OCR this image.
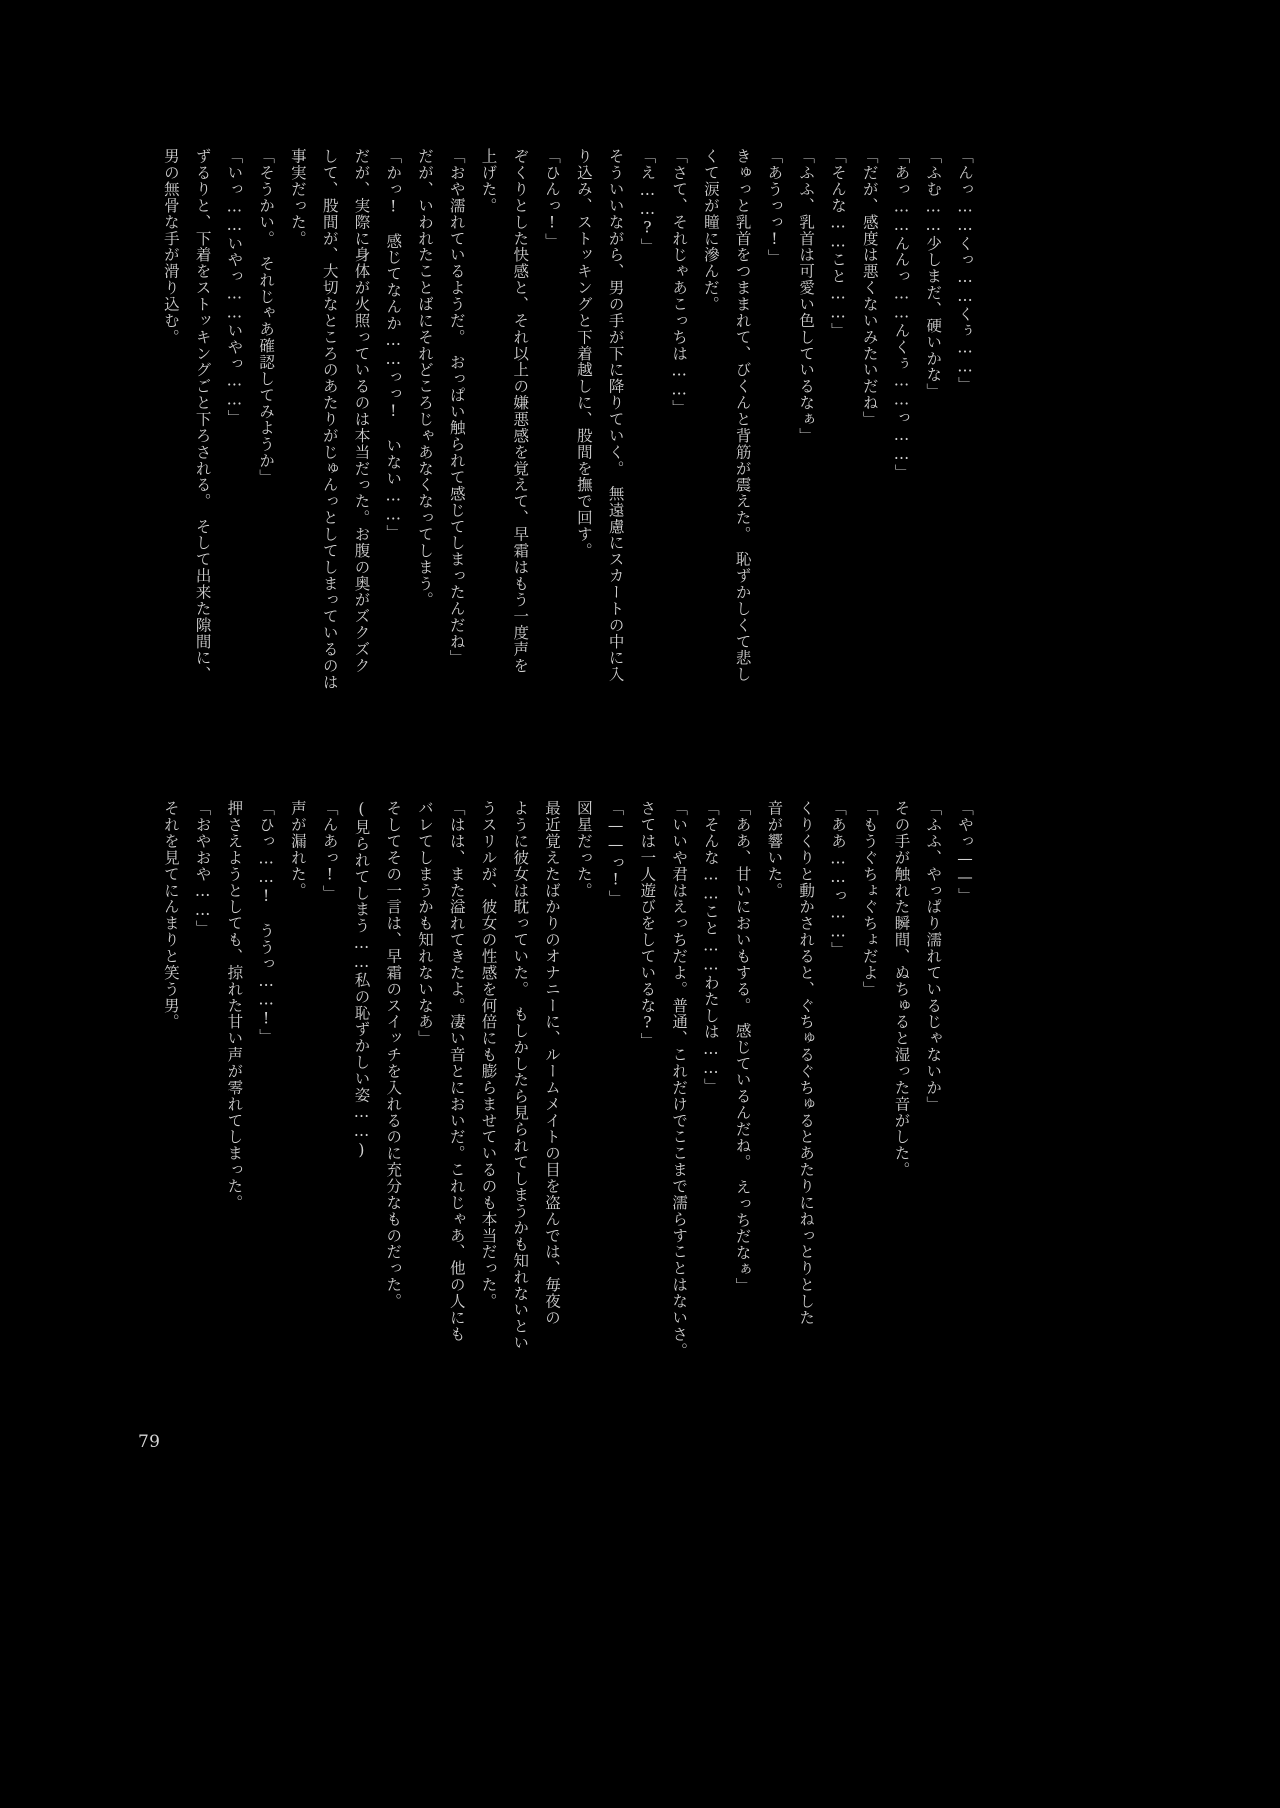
「んっ……くっ……くぅ……」
「ふむ……少しまだ、硬いかな」
「あっ……んんっ……んくぅ……っ……」
「だが、感度は悪くないみたいだね」
「そんな……こと……」
「ふふ、乳首は可愛い色しているなぁ」
「あうっっ!」
きゅっと乳首をつままれて、びくんと背筋が震えた。　恥ずかしくて悲し
くて涙が瞳に滲んだ。
「さて、それじゃあこっちは……」
「え……?」
そういいながら、男の手が下に降りていく。　無遠慮にスカートの中に入
り込み、ストッキングと下着越しに、股間を撫で回す。
「ひんっ!」
ぞくりとした快感と、それ以上の嫌悪感を覚えて、早霜はもう一度声を
上げた。
「おや濡れているようだ。　おっぱい触られて感じてしまったんだね」
だが、いわれたことばにそれどころじゃあなくなってしまう。
「かっ!　感じてなんか……っっ!　いない……」
だが、実際に身体が火照っているのは本当だった。お腹の奥がズクズク
して、股間が、大切なところのあたりがじゅんっとしてしまっているのは
事実だった。
「そうかい。　それじゃあ確認してみようか」
「いっ……いやっ……いやっ……」
ずるりと、下着をストッキングごと下ろされる。　そして出来た隙間に、
男の無骨な手が滑り込む。
「やっ——」
「ふふ、やっぱり濡れているじゃないか」
その手が触れた瞬間、ぬちゅると湿った音がした。
「もうぐちょぐちょだよ」
「ああ……っ……」
くりくりと動かされると、ぐちゅるぐちゅるとあたりにねっとりとした
音が響いた。
「ああ、甘いにおいもする。　感じているんだね。　えっちだなぁ」
「そんな……こと……わたしは……」
「いいや君はえっちだよ。普通、これだけでここまで濡らすことはないさ。
さては一人遊びをしているな?」
「——っ!」
図星だった。
最近覚えたばかりのオナニーに、ルームメイトの目を盗んでは、毎夜の
ように彼女は耽っていた。　もしかしたら見られてしまうかも知れないとい
うスリルが、彼女の性感を何倍にも膨らませているのも本当だった。
「はは、また溢れてきたよ。凄い音とにおいだ。これじゃあ、他の人にも
バレてしまうかも知れないなあ」
そしてその一言は、早霜のスイッチを入れるのに充分なものだった。
(見られてしまう……私の恥ずかしい姿……)
「んあっ!」
声が漏れた。
「ひっ……!　ううっ……!」
押さえようとしても、掠れた甘い声が零れてしまった。
「おやおや……」
それを見てにんまりと笑う男。
79
